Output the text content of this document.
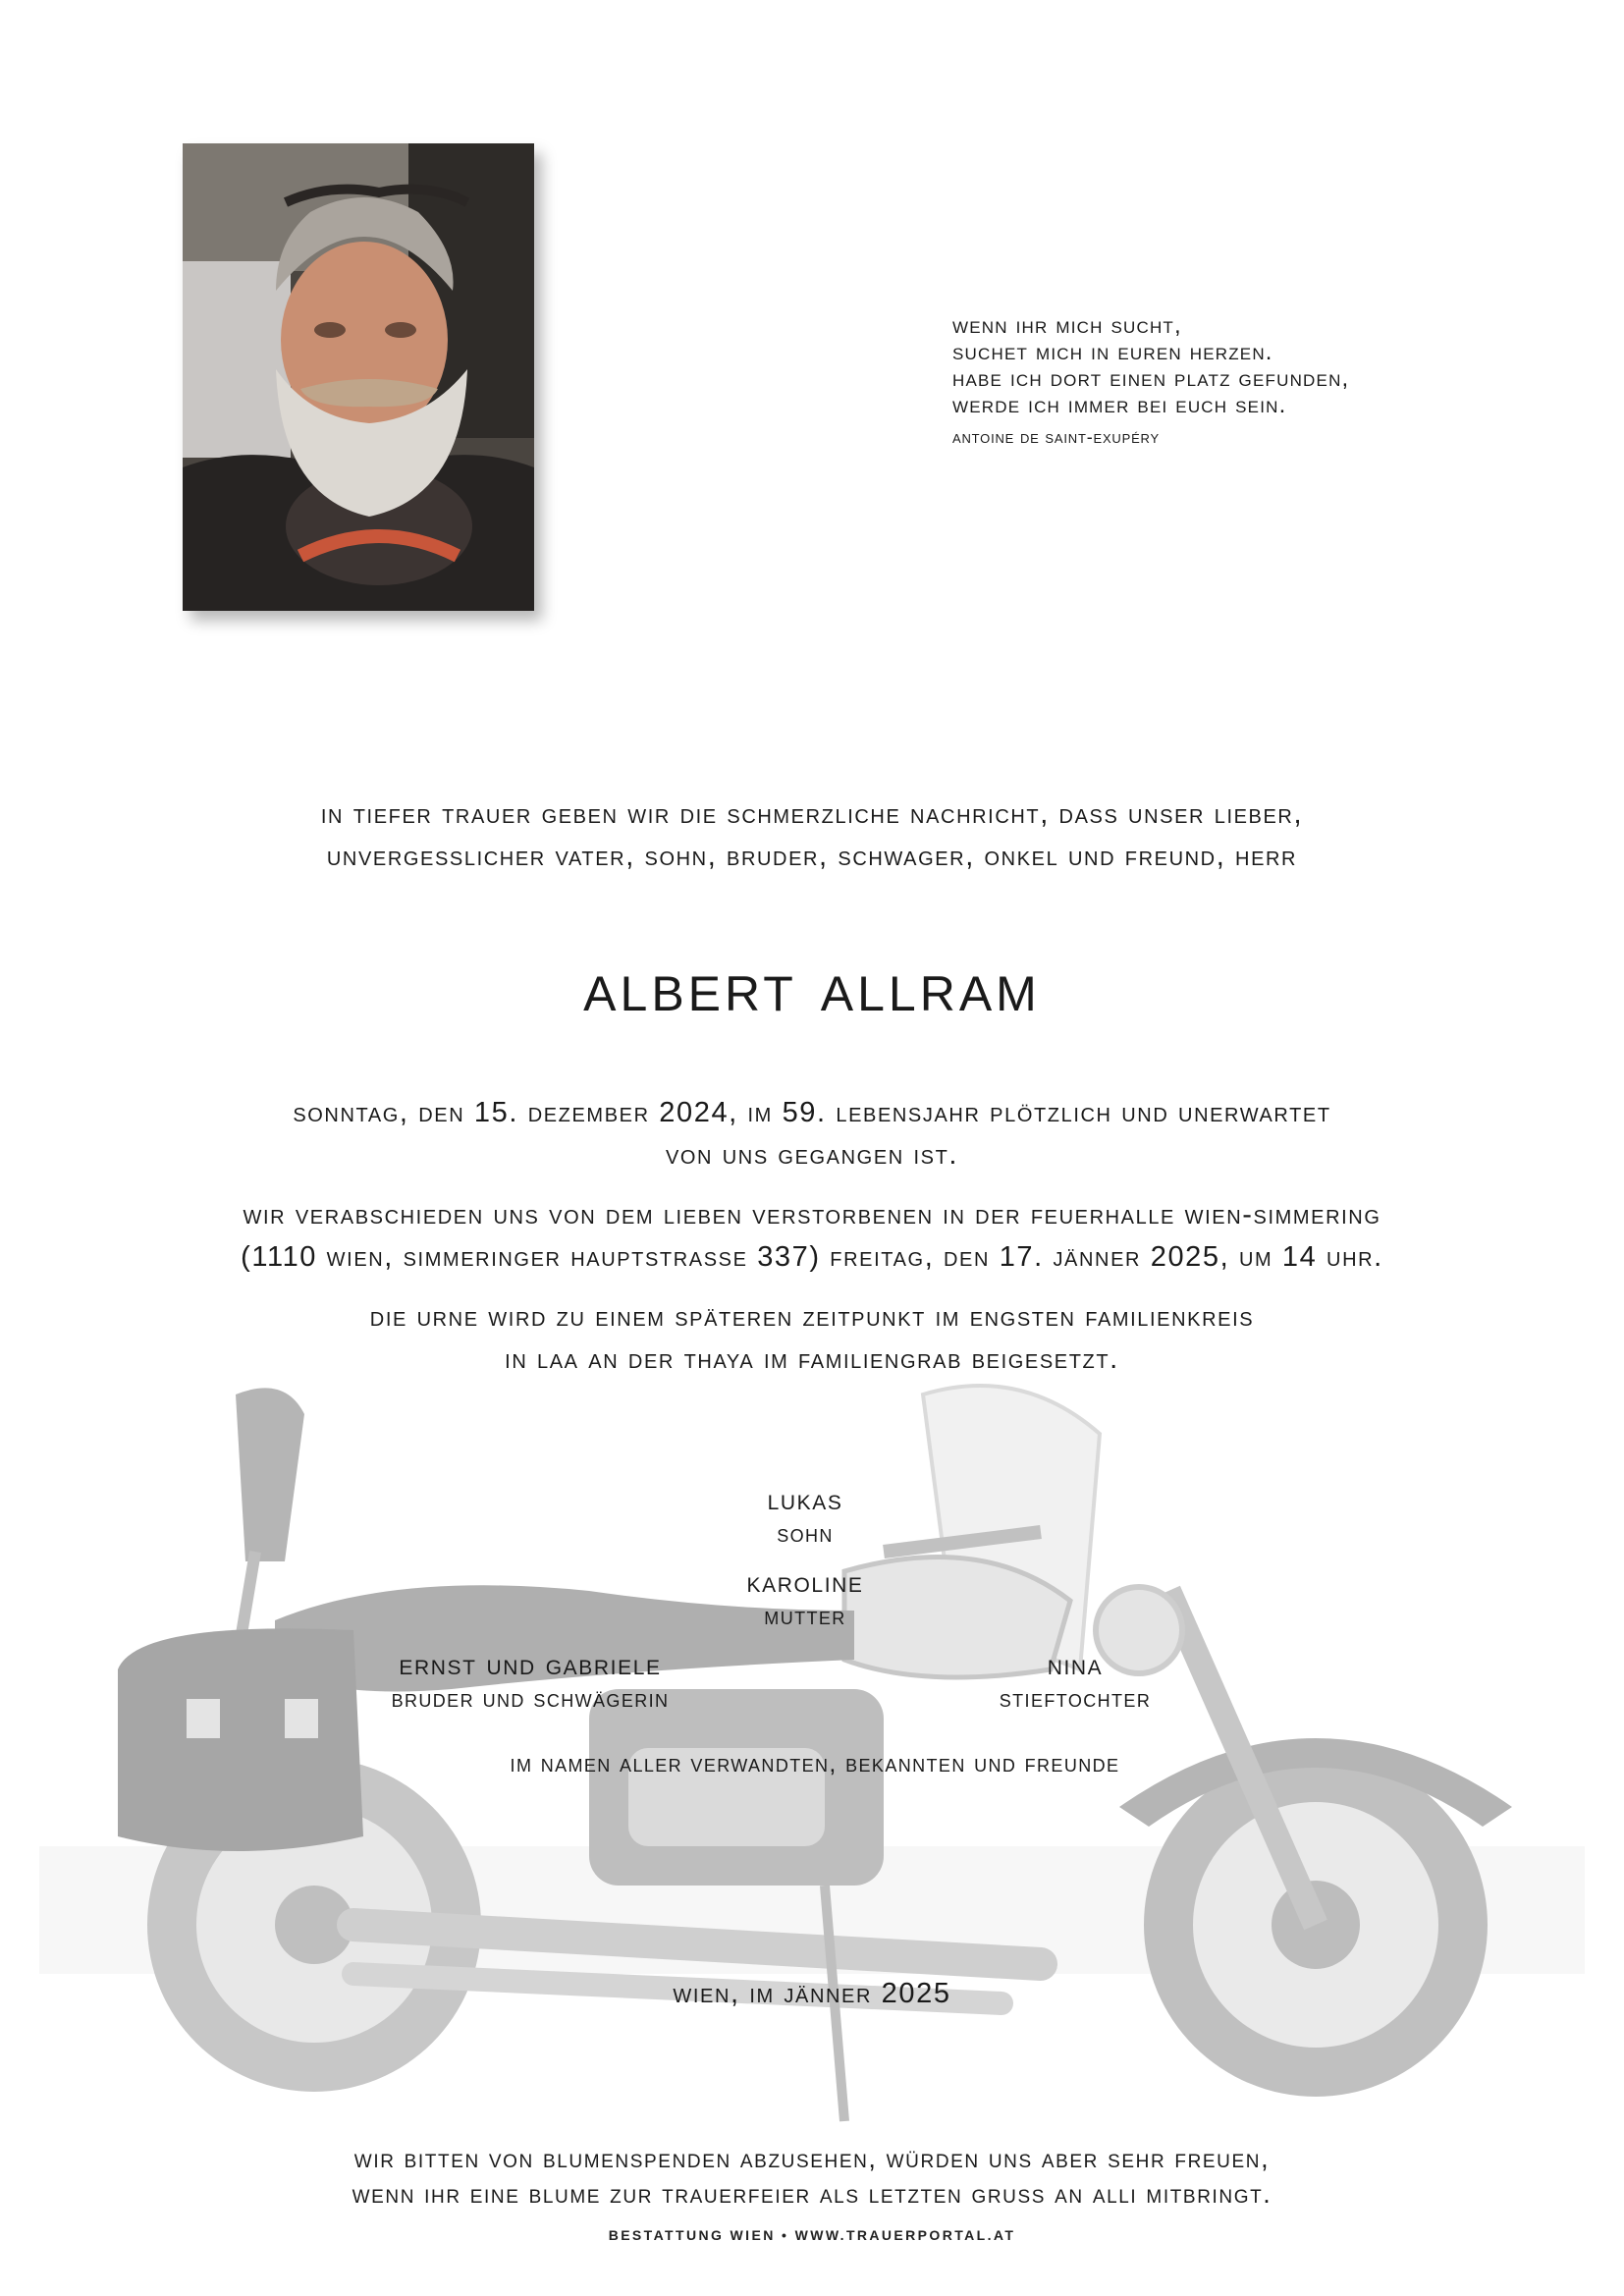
wenn ihr mich sucht,
suchet mich in euren herzen.
habe ich dort einen platz gefunden,
werde ich immer bei euch sein.
antoine de saint-exupéry
in tiefer trauer geben wir die schmerzliche nachricht, dass unser lieber,
unvergesslicher vater, sohn, bruder, schwager, onkel und freund, herr
albert allram
sonntag, den 15. dezember 2024, im 59. lebensjahr plötzlich und unerwartet
von uns gegangen ist.
wir verabschieden uns von dem lieben verstorbenen in der feuerhalle wien-simmering
(1110 wien, simmeringer hauptstrasse 337) freitag, den 17. jänner 2025, um 14 uhr.
die urne wird zu einem späteren zeitpunkt im engsten familienkreis
in laa an der thaya im familiengrab beigesetzt.
lukas
sohn
karoline
mutter
ernst und gabriele
bruder und schwägerin
nina
stieftochter
im namen aller verwandten, bekannten und freunde
wien, im jänner 2025
wir bitten von blumenspenden abzusehen, würden uns aber sehr freuen,
wenn ihr eine blume zur trauerfeier als letzten gruss an alli mitbringt.
BESTATTUNG WIEN • WWW.TRAUERPORTAL.AT
